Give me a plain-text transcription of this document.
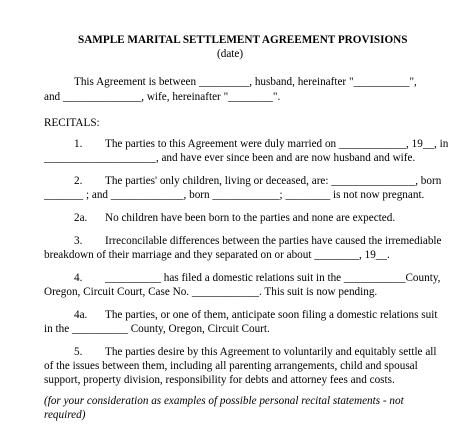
SAMPLE MARITAL SETTLEMENT AGREEMENT PROVISIONS
(date)
This Agreement is between _________, husband, hereinafter "__________",
and ______________, wife, hereinafter "________".
RECITALS:
1. The parties to this Agreement were duly married on ____________, 19__, in
____________________, and have ever since been and are now husband and wife.
2. The parties' only children, living or deceased, are: _______________, born
_______ ; and _____________, born ____________; ________ is not now pregnant.
2a. No children have been born to the parties and none are expected.
3. Irreconcilable differences between the parties have caused the irremediable
breakdown of their marriage and they separated on or about ________, 19__.
4. __________ has filed a domestic relations suit in the ___________County,
Oregon, Circuit Court, Case No. ____________. This suit is now pending.
4a. The parties, or one of them, anticipate soon filing a domestic relations suit
in the __________ County, Oregon, Circuit Court.
5. The parties desire by this Agreement to voluntarily and equitably settle all
of the issues between them, including all parenting arrangements, child and spousal
support, property division, responsibility for debts and attorney fees and costs.
(for your consideration as examples of possible personal recital statements - not
required)
